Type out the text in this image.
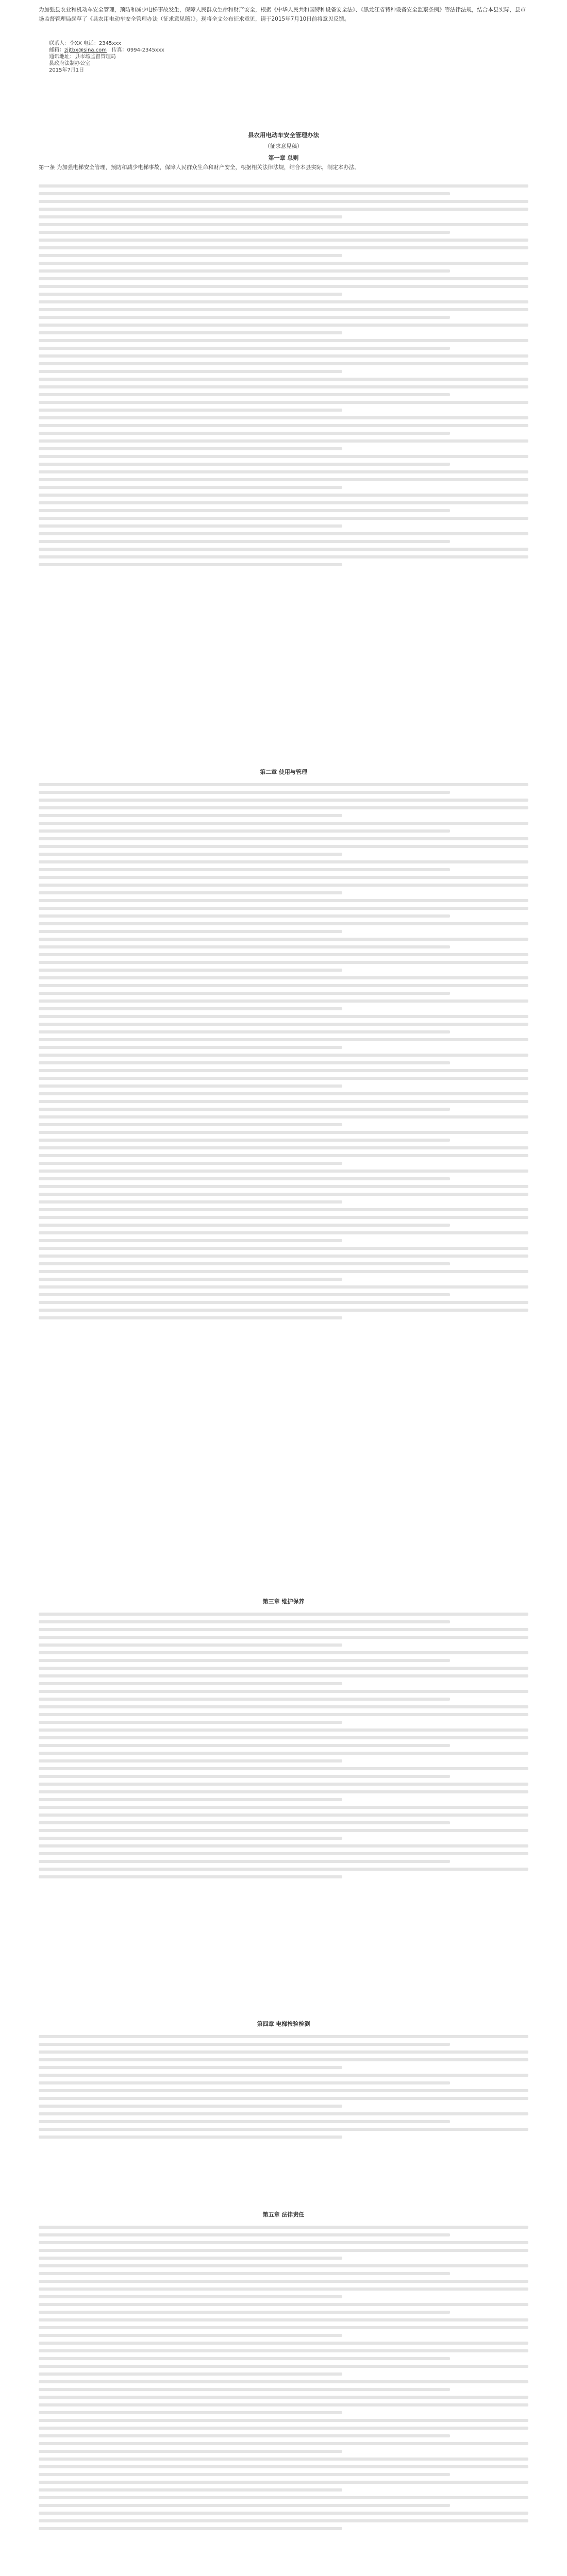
为加强县农业和机动车安全管理，预防和减少电梯事故发生，保障人民群众生命和财产安全，根据《中华人民共和国特种设备安全法》、《黑龙江省特种设备安全监察条例》等法律法规，结合本县实际，县市场监督管理局起草了《县农用电动车安全管理办法（征求意见稿）》。现将全文公布征求意见，请于2015年7月10日前将意见反馈。
联系人：李XX 电话：2345xxx
邮箱：zjjtbx@sina.com 传真：0994-2345xxx
通讯地址：县市场监督管理局
县政府法制办公室
2015年7月1日
县农用电动车安全管理办法
（征求意见稿）
第一章 总则

第一条 为加强电梯安全管理，预防和减少电梯事故，保障人民群众生命和财产安全，根据相关法律法规，结合本县实际，制定本办法。

第二章 使用与管理
第三章 维护保养
第四章 电梯检验检测
第五章 法律责任
